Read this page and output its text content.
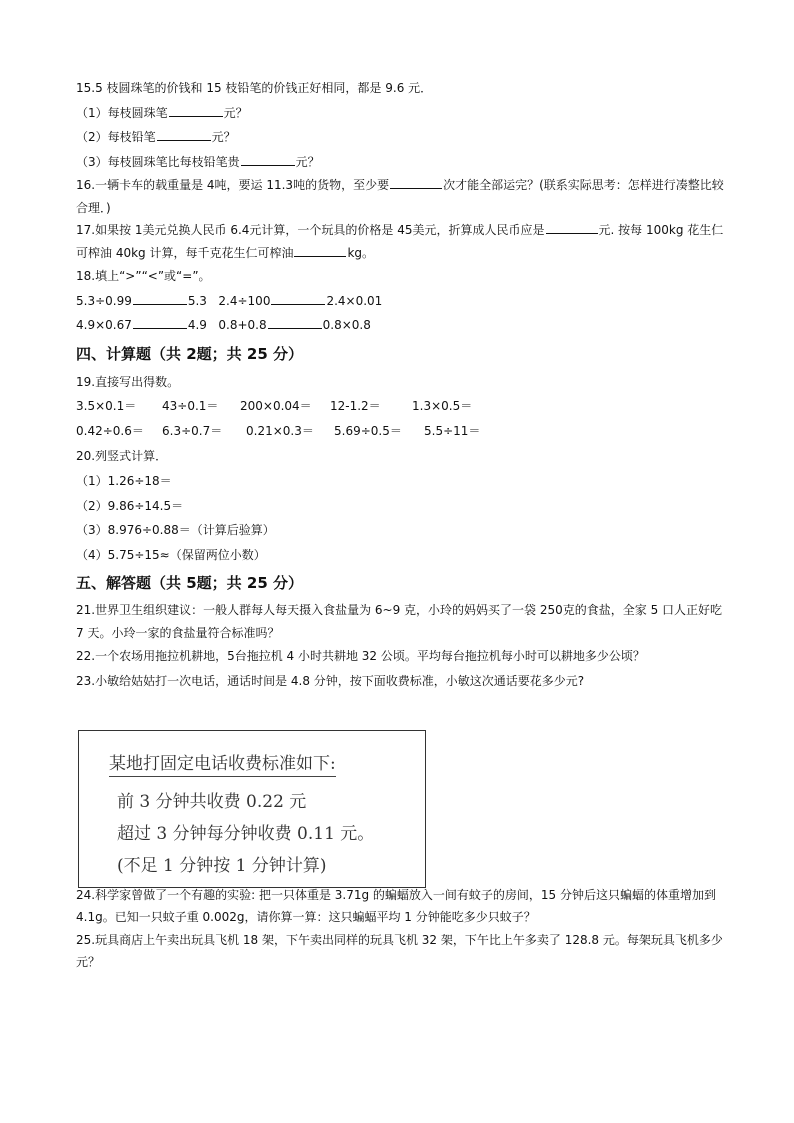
15.5 枝圆珠笔的价钱和 15 枝铅笔的价钱正好相同，都是 9.6 元．
（1）每枝圆珠笔	元？
（2）每枝铅笔	元？
（3）每枝圆珠笔比每枝铅笔贵	元？
16.一辆卡车的载重量是 4吨，要运 11.3吨的货物，至少要	次才能全部运完？(联系实际思考：怎样进行凑整比较合理．)
17.如果按 1美元兑换人民币 6.4元计算，一个玩具的价格是 45美元，折算成人民币应是	元. 按每 100kg 花生仁可榨油 40kg 计算，每千克花生仁可榨油	kg。
18.填上“>”“<”或“=”。
5.3÷0.99	5.3 2.4÷100	2.4×0.01
4.9×0.67	4.9 0.8+0.8	0.8×0.8
四、计算题（共 2题；共 25 分）
19.直接写出得数。
3.5×0.1＝ 43÷0.1＝ 200×0.04＝ 12-1.2＝	1.3×0.5＝
0.42÷0.6＝ 6.3÷0.7＝ 0.21×0.3＝ 5.69÷0.5＝ 5.5÷11＝
20.列竖式计算．
（1）1.26÷18＝
（2）9.86÷14.5＝
（3）8.976÷0.88＝（计算后验算）
（4）5.75÷15≈（保留两位小数）
五、解答题（共 5题；共 25 分）
21.世界卫生组织建议：一般人群每人每天摄入食盐量为 6~9 克，小玲的妈妈买了一袋 250克的食盐，全家 5 口人正好吃 7 天。小玲一家的食盐量符合标准吗？
22.一个农场用拖拉机耕地，5台拖拉机 4 小时共耕地 32 公顷。平均每台拖拉机每小时可以耕地多少公顷？
23.小敏给姑姑打一次电话，通话时间是 4.8 分钟，按下面收费标准，小敏这次通话要花多少元?
某地打固定电话收费标准如下:
前 3 分钟共收费 0.22 元
超过 3 分钟每分钟收费 0.11 元。
(不足 1 分钟按 1 分钟计算)
24.科学家曾做了一个有趣的实验: 把一只体重是 3.71g 的蝙蝠放入一间有蚊子的房间，15 分钟后这只蝙蝠的体重增加到 4.1g。已知一只蚊子重 0.002g，请你算一算：这只蝙蝠平均 1 分钟能吃多少只蚊子？
25.玩具商店上午卖出玩具飞机 18 架，下午卖出同样的玩具飞机 32 架，下午比上午多卖了 128.8 元。每架玩具飞机多少元？
